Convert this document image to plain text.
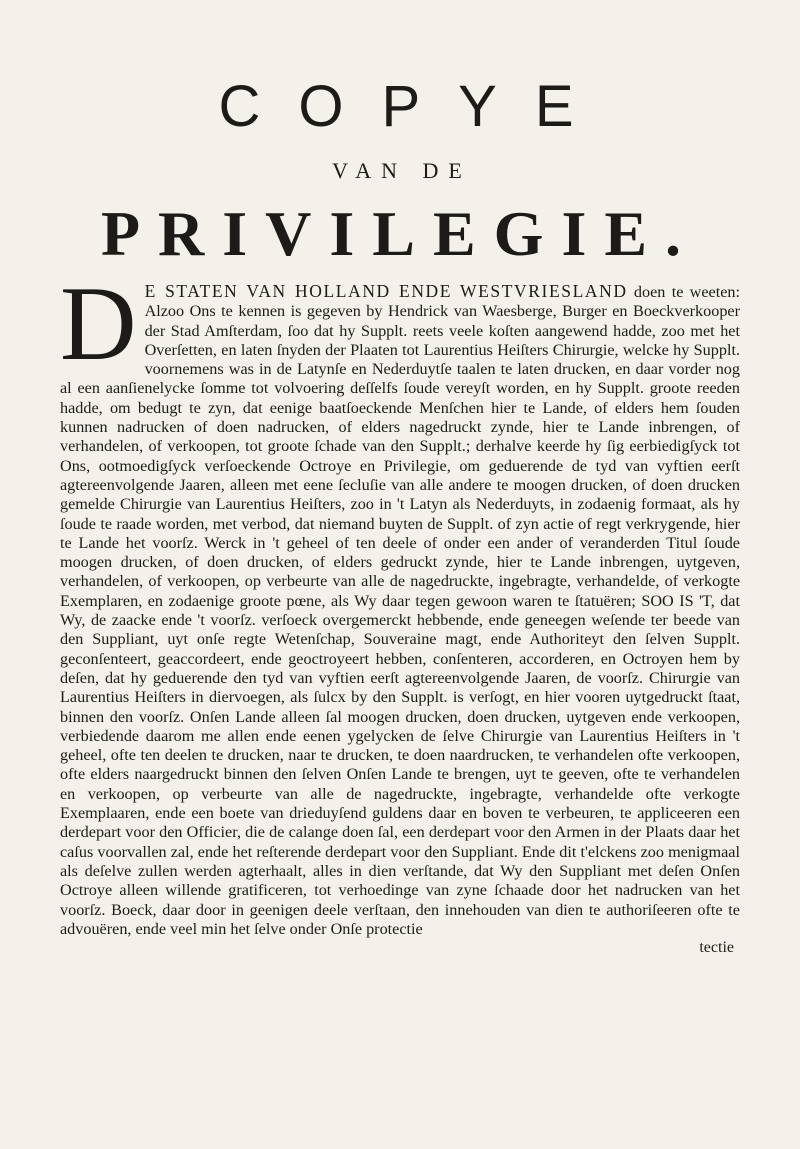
COPYE
VAN DE
PRIVILEGIE.

D E STATEN VAN HOLLAND ENDE WESTVRIESLAND doen te weeten: Alzoo Ons te kennen is gegeven by Hendrick van Waesberge, Burger en Boeckverkooper der Stad Amſterdam, ſoo dat hy Supplt. reets veele koſten aangewend hadde, zoo met het Overſetten, en laten ſnyden der Plaaten tot Laurentius Heiſters Chirurgie, welcke hy Supplt. voornemens was in de Latynſe en Nederduytſe taalen te laten drucken, en daar vorder nog al een aanſienelycke ſomme tot volvoering deſſelfs ſoude vereyſt worden, en hy Supplt. groote reeden hadde, om bedugt te zyn, dat eenige baatſoeckende Menſchen hier te Lande, of elders hem ſouden kunnen nadrucken of doen nadrucken, of elders nagedruckt zynde, hier te Lande inbrengen, of verhandelen, of verkoopen, tot groote ſchade van den Supplt.; derhalve keerde hy ſig eerbiedigſyck tot Ons, ootmoedigſyck verſoeckende Octroye en Privilegie, om geduerende de tyd van vyftien eerſt agtereenvolgende Jaaren, alleen met eene ſecluſie van alle andere te moogen drucken, of doen drucken gemelde Chirurgie van Laurentius Heiſters, zoo in 't Latyn als Nederduyts, in zodaenig formaat, als hy ſoude te raade worden, met verbod, dat niemand buyten de Supplt. of zyn actie of regt verkrygende, hier te Lande het voorſz. Werck in 't geheel of ten deele of onder een ander of veranderden Titul ſoude moogen drucken, of doen drucken, of elders gedruckt zynde, hier te Lande inbrengen, uytgeven, verhandelen, of verkoopen, op verbeurte van alle de nagedruckte, ingebragte, verhandelde, of verkogte Exemplaren, en zodaenige groote pœne, als Wy daar tegen gewoon waren te ſtatuëren; SOO IS 'T, dat Wy, de zaacke ende 't voorſz. verſoeck overgemerckt hebbende, ende geneegen weſende ter beede van den Suppliant, uyt onſe regte Wetenſchap, Souveraine magt, ende Authoriteyt den ſelven Supplt. geconſenteert, geaccordeert, ende geoctroyeert hebben, conſenteren, accorderen, en Octroyen hem by deſen, dat hy geduerende den tyd van vyftien eerſt agtereenvolgende Jaaren, de voorſz. Chirurgie van Laurentius Heiſters in diervoegen, als ſulcx by den Supplt. is verſogt, en hier vooren uytgedruckt ſtaat, binnen den voorſz. Onſen Lande alleen ſal moogen drucken, doen drucken, uytgeven ende verkoopen, verbiedende daarom me allen ende eenen ygelycken de ſelve Chirurgie van Laurentius Heiſters in 't geheel, ofte ten deelen te drucken, naar te drucken, te doen naardrucken, te verhandelen ofte verkoopen, ofte elders naargedruckt binnen den ſelven Onſen Lande te brengen, uyt te geeven, ofte te verhandelen en verkoopen, op verbeurte van alle de nagedruckte, ingebragte, verhandelde ofte verkogte Exemplaaren, ende een boete van drieduyſend guldens daar en boven te verbeuren, te appliceeren een derdepart voor den Officier, die de calange doen ſal, een derdepart voor den Armen in der Plaats daar het caſus voorvallen zal, ende het reſterende derdepart voor den Suppliant. Ende dit t'elckens zoo menigmaal als deſelve zullen werden agterhaalt, alles in dien verſtande, dat Wy den Suppliant met deſen Onſen Octroye alleen willende gratificeren, tot verhoedinge van zyne ſchaade door het nadrucken van het voorſz. Boeck, daar door in geenigen deele verſtaan, den innehouden van dien te authoriſeeren ofte te advouëren, ende veel min het ſelve onder Onſe protectie

tectie
